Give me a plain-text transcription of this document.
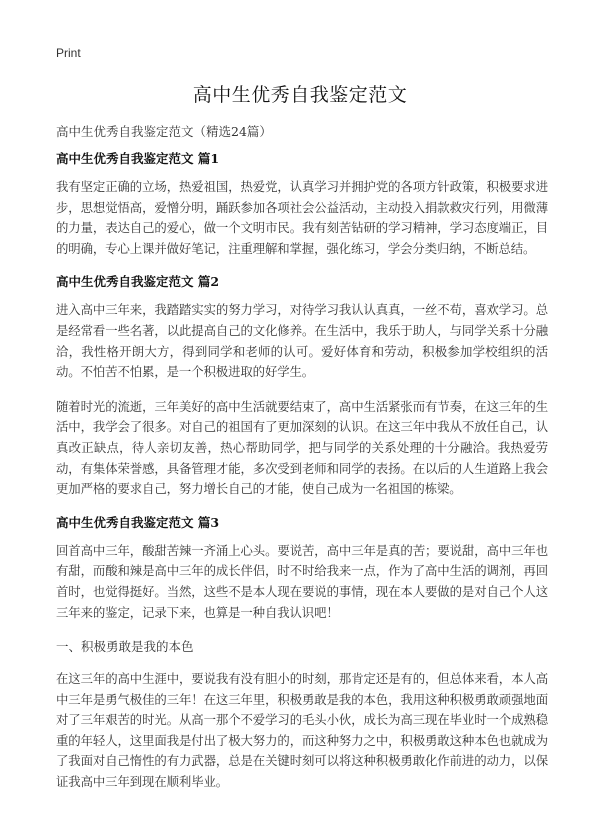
Print
高中生优秀自我鉴定范文
高中生优秀自我鉴定范文（精选24篇）
高中生优秀自我鉴定范文 篇1

我有坚定正确的立场，热爱祖国，热爱党，认真学习并拥护党的各项方针政策，积极要求进步，思想觉悟高，爱憎分明，踊跃参加各项社会公益活动，主动投入捐款救灾行列，用微薄的力量，表达自己的爱心，做一个文明市民。我有刻苦钻研的学习精神，学习态度端正，目的明确，专心上课并做好笔记，注重理解和掌握，强化练习，学会分类归纳，不断总结。

高中生优秀自我鉴定范文 篇2

进入高中三年来，我踏踏实实的努力学习，对待学习我认认真真，一丝不苟，喜欢学习。总是经常看一些名著，以此提高自己的文化修养。在生活中，我乐于助人，与同学关系十分融洽，我性格开朗大方，得到同学和老师的认可。爱好体育和劳动，积极参加学校组织的活动。不怕苦不怕累，是一个积极进取的好学生。

随着时光的流逝，三年美好的高中生活就要结束了，高中生活紧张而有节奏，在这三年的生活中，我学会了很多。对自己的祖国有了更加深刻的认识。在这三年中我从不放任自己，认真改正缺点，待人亲切友善，热心帮助同学，把与同学的关系处理的十分融洽。我热爱劳动，有集体荣誉感，具备管理才能，多次受到老师和同学的表扬。在以后的人生道路上我会更加严格的要求自己，努力增长自己的才能，使自己成为一名祖国的栋梁。

高中生优秀自我鉴定范文 篇3

回首高中三年，酸甜苦辣一齐涌上心头。要说苦，高中三年是真的苦；要说甜，高中三年也有甜，而酸和辣是高中三年的成长伴侣，时不时给我来一点，作为了高中生活的调剂，再回首时，也觉得挺好。当然，这些不是本人现在要说的事情，现在本人要做的是对自己个人这三年来的鉴定，记录下来，也算是一种自我认识吧！

一、积极勇敢是我的本色

在这三年的高中生涯中，要说我有没有胆小的时刻，那肯定还是有的，但总体来看，本人高中三年是勇气极佳的三年！在这三年里，积极勇敢是我的本色，我用这种积极勇敢顽强地面对了三年艰苦的时光。从高一那个不爱学习的毛头小伙，成长为高三现在毕业时一个成熟稳重的年轻人，这里面我是付出了极大努力的，而这种努力之中，积极勇敢这种本色也就成为了我面对自己惰性的有力武器，总是在关键时刻可以将这种积极勇敢化作前进的动力，以保证我高中三年到现在顺利毕业。
